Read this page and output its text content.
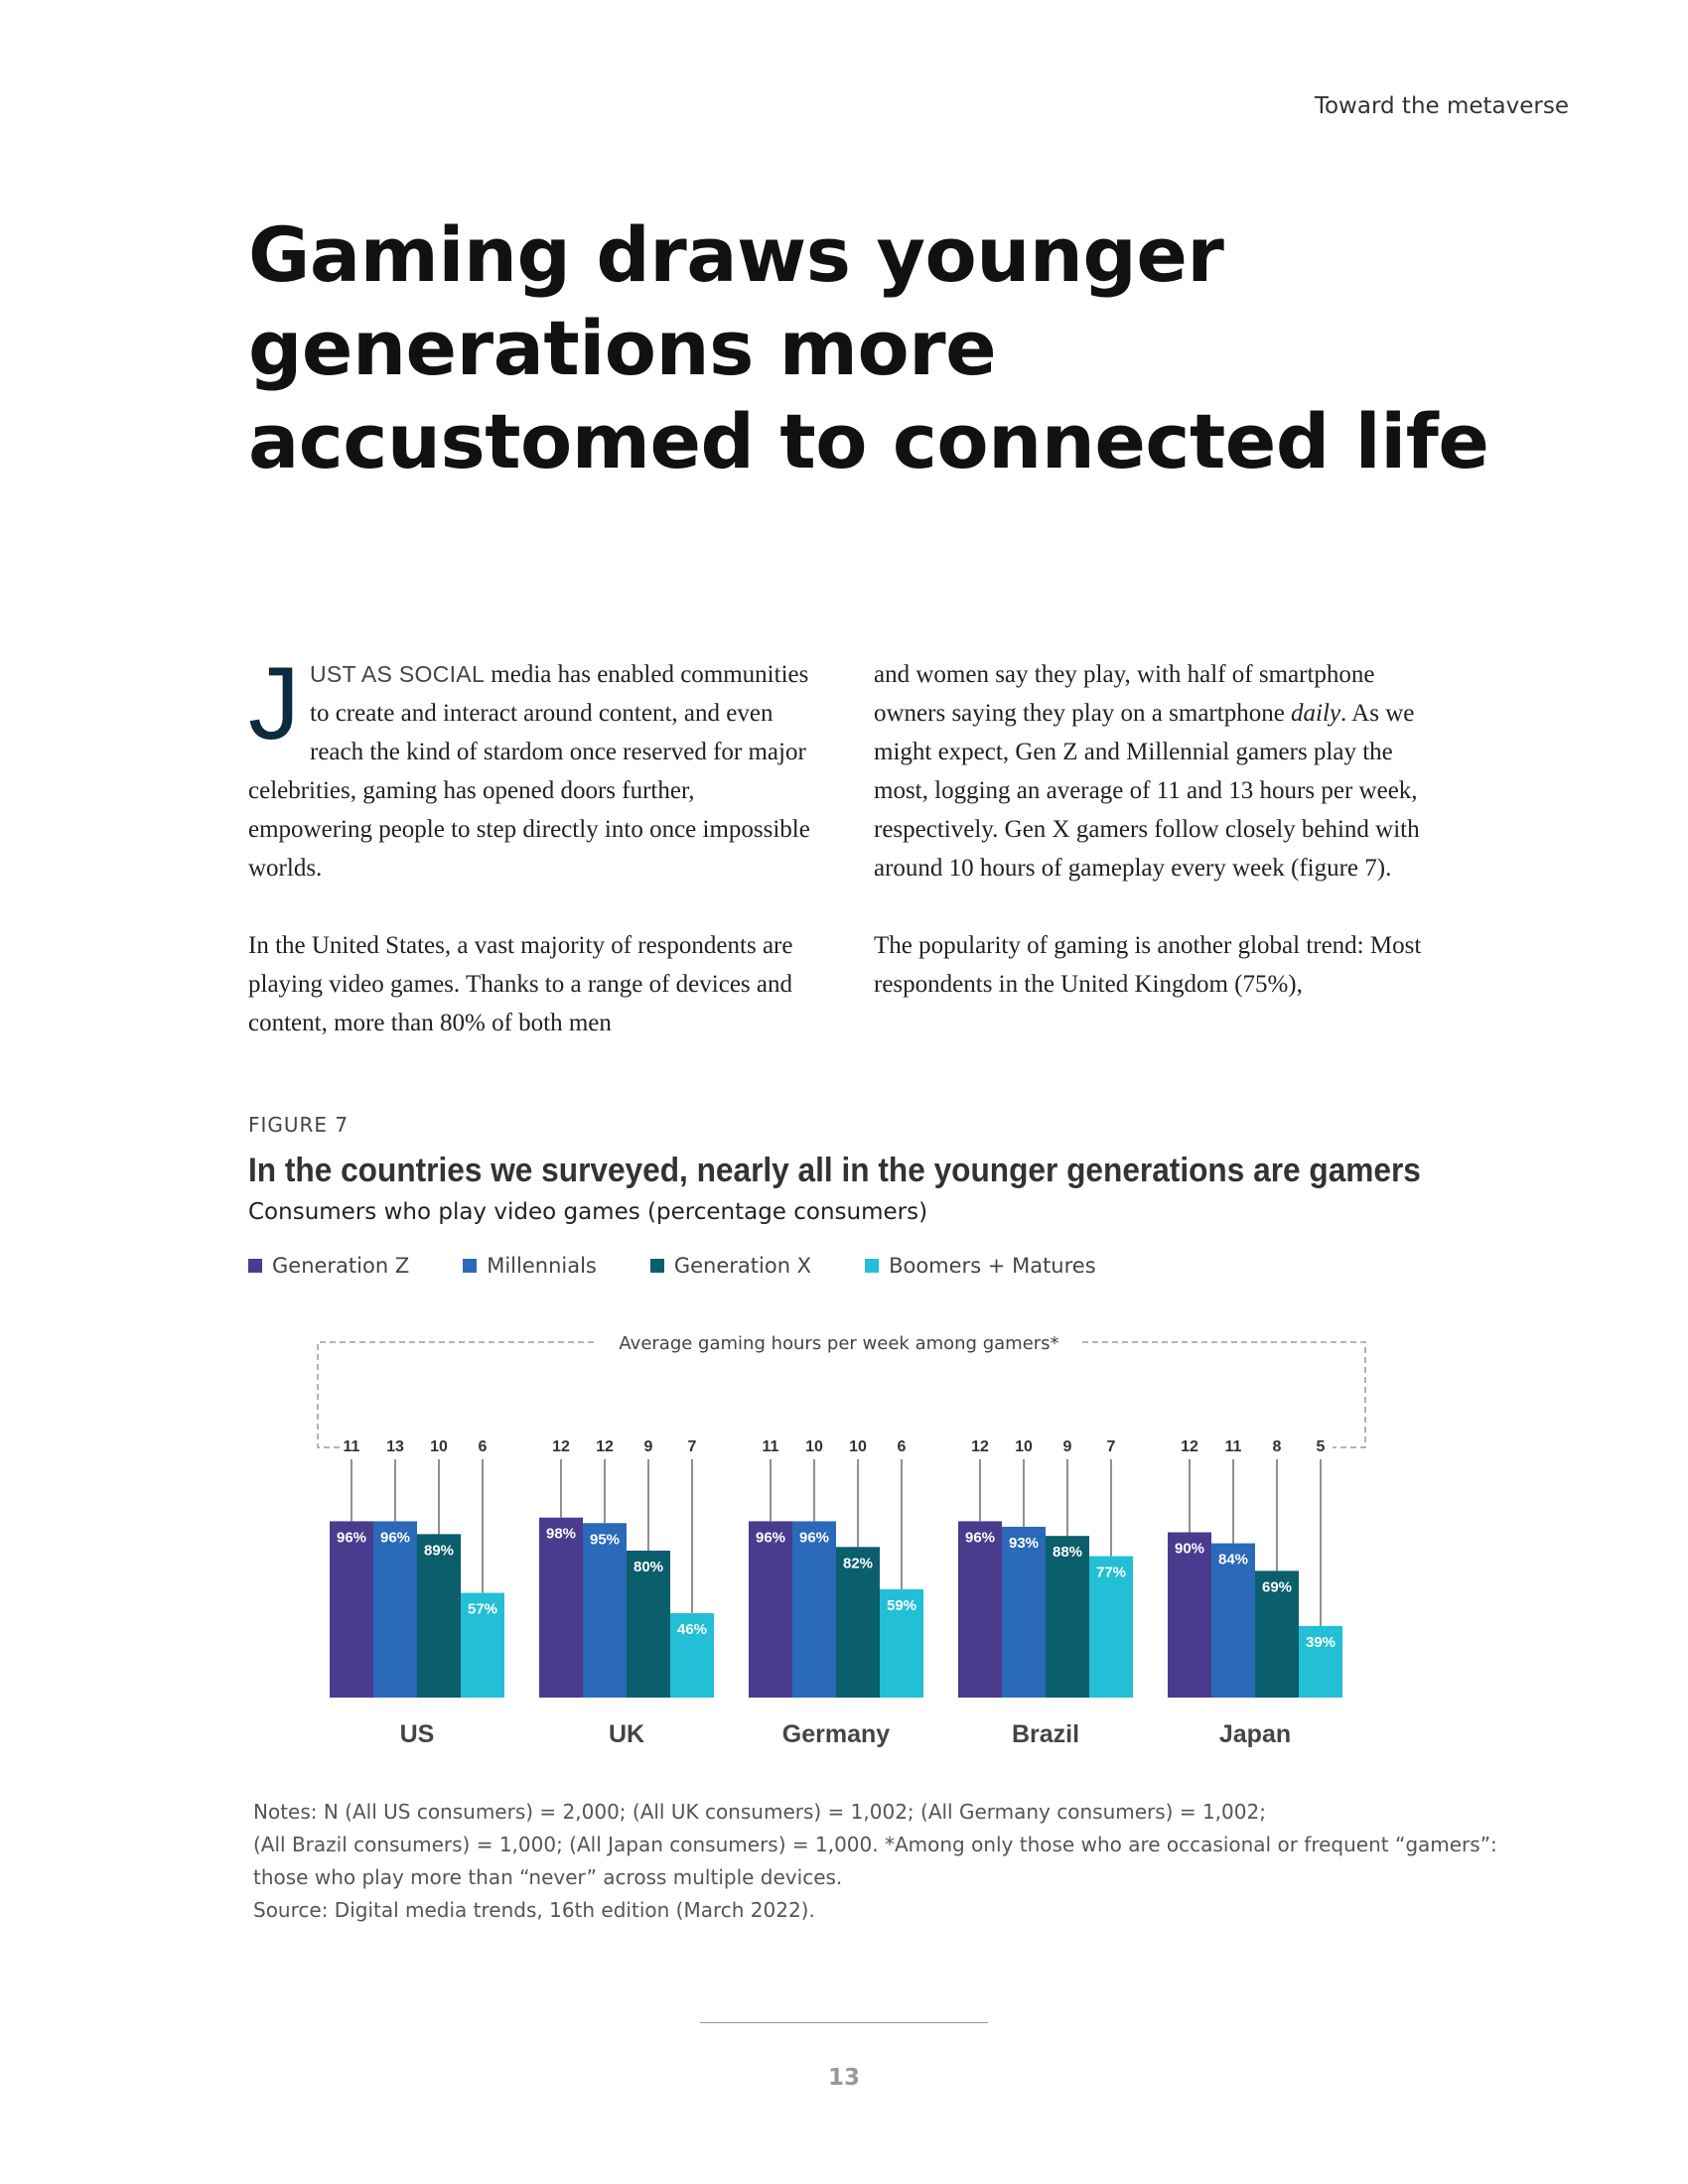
Toward the metaverse
Gaming draws younger generations more accustomed to connected life

JUST AS SOCIAL media has enabled communities to create and interact around content, and even reach the kind of stardom once reserved for major celebrities, gaming has opened doors further, empowering people to step directly into once impossible worlds.

In the United States, a vast majority of respondents are playing video games. Thanks to a range of devices and content, more than 80% of both men

and women say they play, with half of smartphone owners saying they play on a smartphone daily. As we might expect, Gen Z and Millennial gamers play the most, logging an average of 11 and 13 hours per week, respectively. Gen X gamers follow closely behind with around 10 hours of gameplay every week (figure 7).

The popularity of gaming is another global trend: Most respondents in the United Kingdom (75%),

FIGURE 7
In the countries we surveyed, nearly all in the younger generations are gamers
Consumers who play video games (percentage consumers)
Generation Z	Millennials	Generation X	Boomers + Matures
Average gaming hours per week among gamers*
11
96%
13
96%
10
89%
6
57%
US
12
98%
12
95%
9
80%
7
46%
UK
11
96%
10
96%
10
82%
6
59%
Germany
12
96%
10
93%
9
88%
7
77%
Brazil
12
90%
11
84%
8
69%
5
39%
Japan
Notes: N (All US consumers) = 2,000; (All UK consumers) = 1,002; (All Germany consumers) = 1,002;
(All Brazil consumers) = 1,000; (All Japan consumers) = 1,000. *Among only those who are occasional or frequent “gamers”:
those who play more than “never” across multiple devices.
Source: Digital media trends, 16th edition (March 2022).
13
